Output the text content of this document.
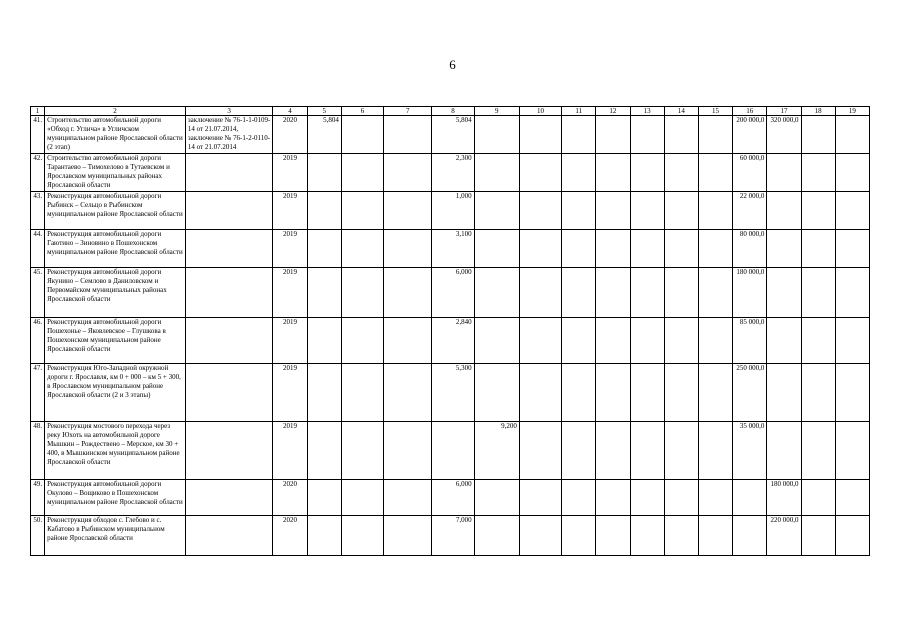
6
1	2	3	4	5	6	7	8	9	10	11	12	13	14	15	16	17	18	19
41.	Строительство автомобильной дороги «Обход г. Углича» в Угличском муниципальном районе Ярославской области (2 этап)	заключение № 76-1-1-0109-14 от 21.07.2014, заключение № 76-1-2-0110-14 от 21.07.2014	2020	5,804			5,804								200 000,0	320 000,0		
42.	Строительство автомобильной дороги Тарантаево – Тимохелово в Тутаевском и Ярославском муниципальных районах Ярославской области		2019				2,300								60 000,0			
43.	Реконструкция автомобильной дороги Рыбинск – Сельцо в Рыбинском муниципальном районе Ярославской области		2019				1,000								22 000,0			
44.	Реконструкция автомобильной дороги Гаютино – Зиновино в Пошехонском муниципальном районе Ярославской области		2019				3,100								80 000,0			
45.	Реконструкция автомобильной дороги Якунино – Семлово в Даниловском и Первомайском муниципальных районах Ярославской области		2019				6,000								180 000,0			
46.	Реконструкция автомобильной дороги Пошехонье – Яковлевское – Глушкова в Пошехонском муниципальном районе Ярославской области		2019				2,840								85 000,0			
47.	Реконструкция Юго-Западной окружной дороги г. Ярославля, км 0 + 000 – км 5 + 300, в Ярославском муниципальном районе Ярославской области (2 и 3 этапы)		2019				5,300								250 000,0			
48.	Реконструкция мостового перехода через реку Юхоть на автомобильной дороге Мышкин – Рождествено – Мерское, км 30 + 400, в Мышкинском муниципальном районе Ярославской области		2019					9,200							35 000,0			
49.	Реконструкция автомобильной дороги Окулово – Вощиково в Пошехонском муниципальном районе Ярославской области		2020				6,000									180 000,0		
50.	Реконструкция обходов с. Глебово и с. Кабатово в Рыбинском муниципальном районе Ярославской области		2020				7,000									220 000,0		
